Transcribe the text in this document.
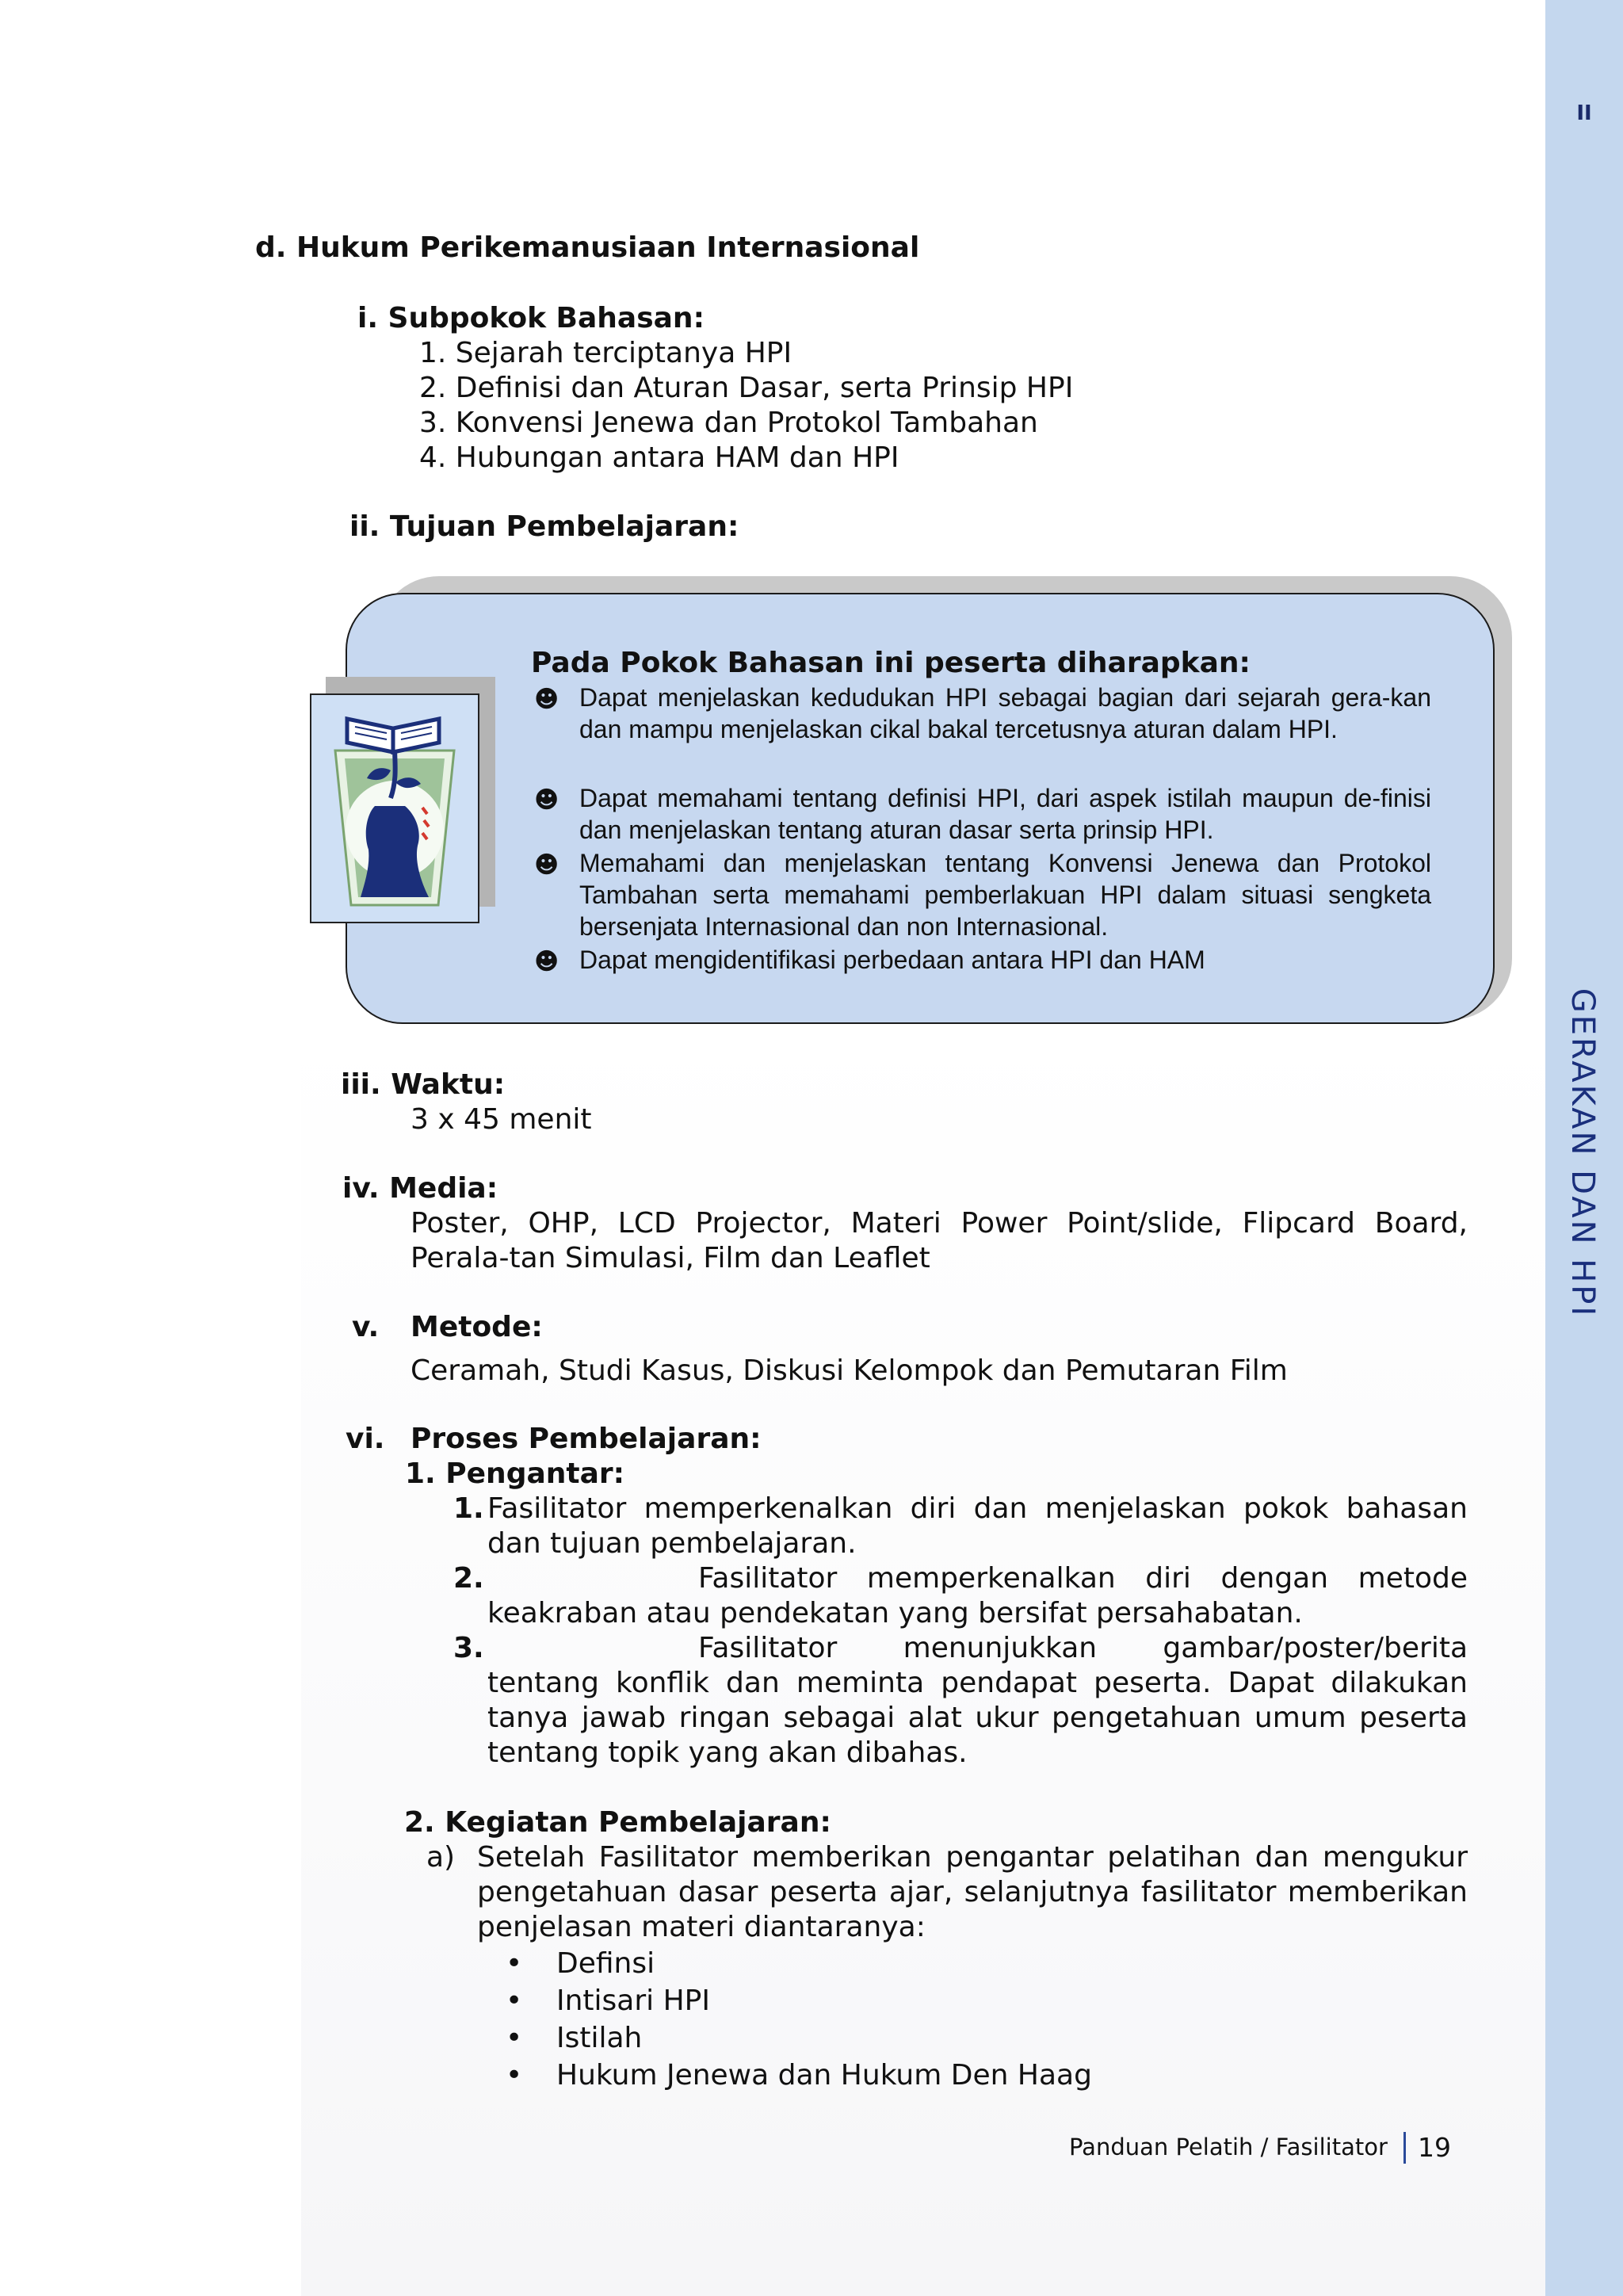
II
GERAKAN DAN HPI
d. Hukum Perikemanusiaan Internasional
i. Subpokok Bahasan:
1. Sejarah terciptanya HPI
2. Definisi dan Aturan Dasar, serta Prinsip HPI
3. Konvensi Jenewa dan Protokol Tambahan
4. Hubungan antara HAM dan HPI
ii. Tujuan Pembelajaran:
Pada Pokok Bahasan ini peserta diharapkan:
☻ Dapat menjelaskan kedudukan HPI sebagai bagian dari sejarah gera-kan dan mampu menjelaskan cikal bakal tercetusnya aturan dalam HPI.
☻ Dapat memahami tentang definisi HPI, dari aspek istilah maupun de-finisi dan menjelaskan tentang aturan dasar serta prinsip HPI.
☻ Memahami dan menjelaskan tentang Konvensi Jenewa dan Protokol Tambahan serta memahami pemberlakuan HPI dalam situasi sengketa bersenjata Internasional dan non Internasional.
☻ Dapat mengidentifikasi perbedaan antara HPI dan HAM
iii. Waktu:
3 x 45 menit
iv. Media:
Poster, OHP, LCD Projector, Materi Power Point/slide, Flipcard Board, Perala-tan Simulasi, Film dan Leaflet
v. Metode:
Ceramah, Studi Kasus, Diskusi Kelompok dan Pemutaran Film
vi. Proses Pembelajaran:
1. Pengantar:
1. Fasilitator memperkenalkan diri dan menjelaskan pokok bahasan dan tujuan pembelajaran.
2.	Fasilitator memperkenalkan diri dengan metode keakraban atau pendekatan yang bersifat persahabatan.
3.	Fasilitator menunjukkan gambar/poster/berita tentang konflik dan meminta pendapat peserta. Dapat dilakukan tanya jawab ringan sebagai alat ukur pengetahuan umum peserta tentang topik yang akan dibahas.
2. Kegiatan Pembelajaran:
a) Setelah Fasilitator memberikan pengantar pelatihan dan mengukur pengetahuan dasar peserta ajar, selanjutnya fasilitator memberikan penjelasan materi diantaranya:
• Definsi
• Intisari HPI
• Istilah
• Hukum Jenewa dan Hukum Den Haag
Panduan Pelatih / Fasilitator 19
